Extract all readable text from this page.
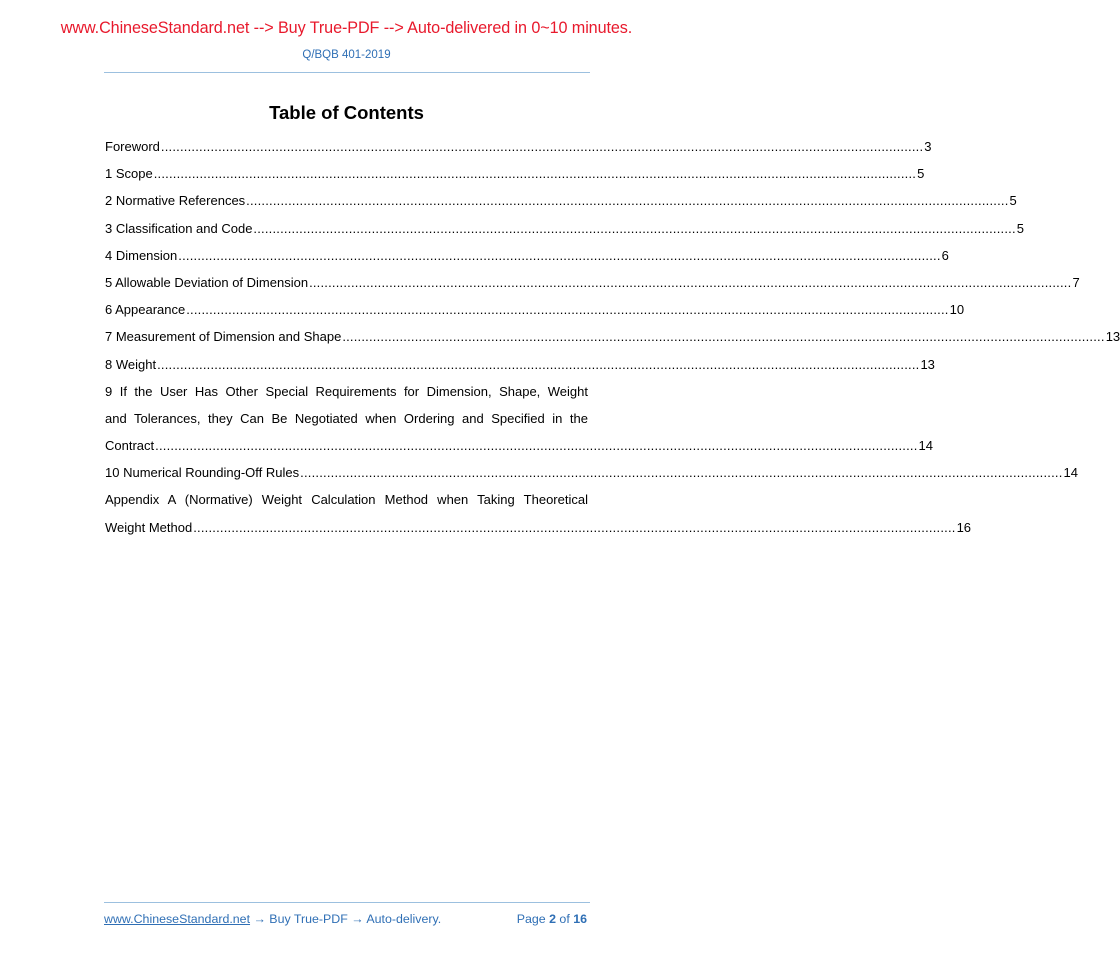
www.ChineseStandard.net --> Buy True-PDF --> Auto-delivered in 0~10 minutes.
Q/BQB 401-2019
Table of Contents
Foreword ........................................................................................................................................................................................................ 3
1 Scope ........................................................................................................................................................................................................ 5
2 Normative References ........................................................................................................................................................................................................ 5
3 Classification and Code ........................................................................................................................................................................................................ 5
4 Dimension ........................................................................................................................................................................................................ 6
5 Allowable Deviation of Dimension ........................................................................................................................................................................................................ 7
6 Appearance ........................................................................................................................................................................................................ 10
7 Measurement of Dimension and Shape ........................................................................................................................................................................................................ 13
8 Weight ........................................................................................................................................................................................................ 13
9 If the User Has Other Special Requirements for Dimension, Shape, Weight
and Tolerances, they Can Be Negotiated when Ordering and Specified in the
Contract ........................................................................................................................................................................................................ 14
10 Numerical Rounding-Off Rules ........................................................................................................................................................................................................ 14
Appendix A (Normative) Weight Calculation Method when Taking Theoretical
Weight Method ........................................................................................................................................................................................................ 16
www.ChineseStandard.net → Buy True-PDF → Auto-delivery.	Page 2 of 16
